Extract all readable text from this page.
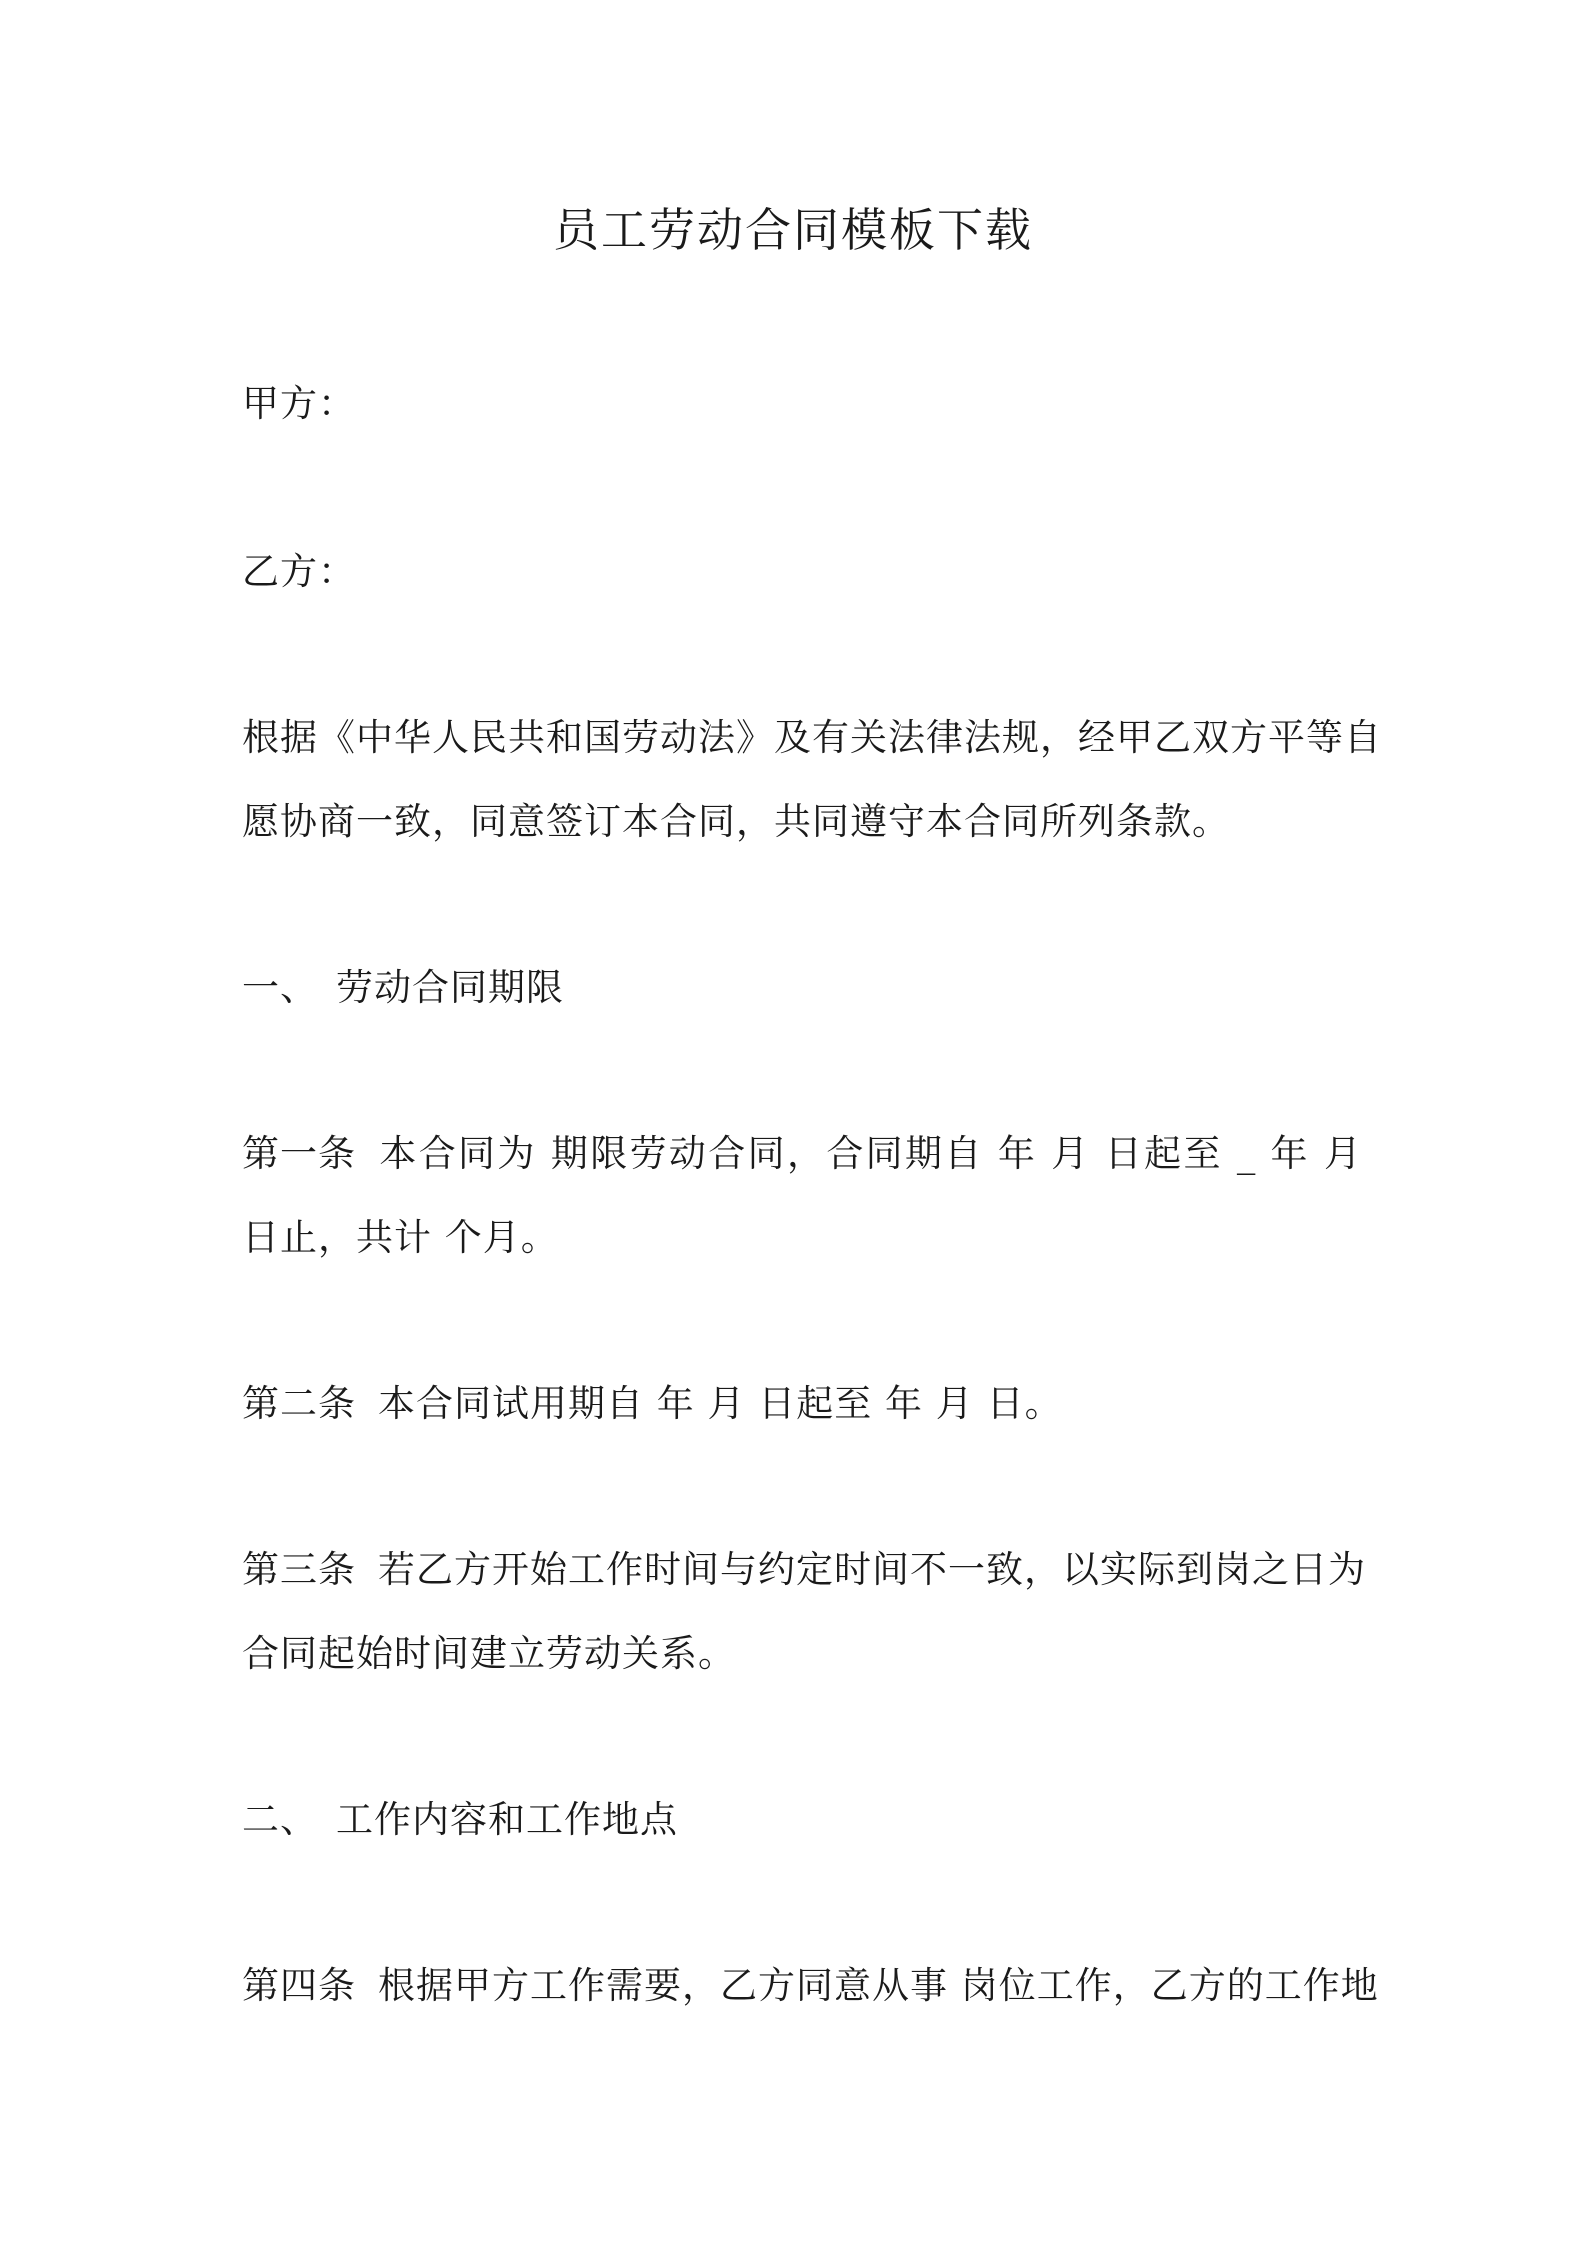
员工劳动合同模板下载

甲方：

乙方：

根据《中华人民共和国劳动法》及有关法律法规，经甲乙双方平等自

愿协商一致，同意签订本合同，共同遵守本合同所列条款。

一、 劳动合同期限

第一条 本合同为 期限劳动合同，合同期自 年 月 日起至 _ 年 月

日止，共计 个月。

第二条 本合同试用期自 年 月 日起至 年 月 日。

第三条 若乙方开始工作时间与约定时间不一致，以实际到岗之日为

合同起始时间建立劳动关系。

二、 工作内容和工作地点

第四条 根据甲方工作需要，乙方同意从事 岗位工作，乙方的工作地
